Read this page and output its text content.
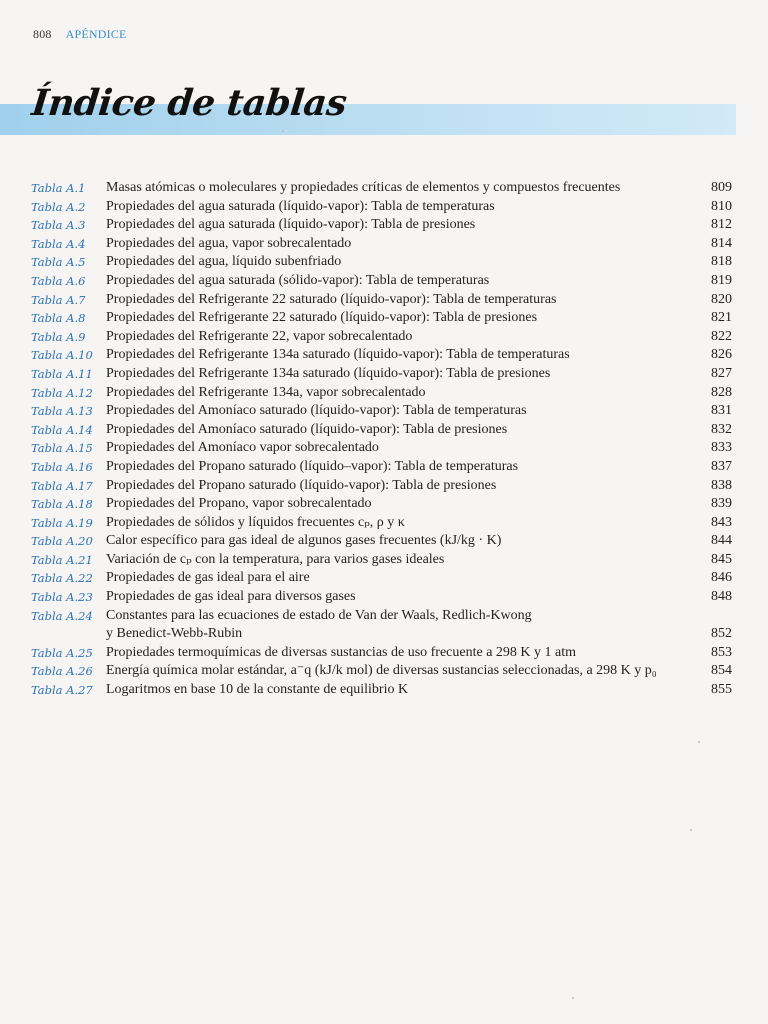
808 APÉNDICE
Índice de tablas
Tabla A.1 Masas atómicas o moleculares y propiedades críticas de elementos y compuestos frecuentes	809
Tabla A.2 Propiedades del agua saturada (líquido-vapor): Tabla de temperaturas	810
Tabla A.3 Propiedades del agua saturada (líquido-vapor): Tabla de presiones	812
Tabla A.4 Propiedades del agua, vapor sobrecalentado	814
Tabla A.5 Propiedades del agua, líquido subenfriado	818
Tabla A.6 Propiedades del agua saturada (sólido-vapor): Tabla de temperaturas	819
Tabla A.7 Propiedades del Refrigerante 22 saturado (líquido-vapor): Tabla de temperaturas	820
Tabla A.8 Propiedades del Refrigerante 22 saturado (líquido-vapor): Tabla de presiones	821
Tabla A.9 Propiedades del Refrigerante 22, vapor sobrecalentado	822
Tabla A.10 Propiedades del Refrigerante 134a saturado (líquido-vapor): Tabla de temperaturas	826
Tabla A.11 Propiedades del Refrigerante 134a saturado (líquido-vapor): Tabla de presiones	827
Tabla A.12 Propiedades del Refrigerante 134a, vapor sobrecalentado	828
Tabla A.13 Propiedades del Amoníaco saturado (líquido-vapor): Tabla de temperaturas	831
Tabla A.14 Propiedades del Amoníaco saturado (líquido-vapor): Tabla de presiones	832
Tabla A.15 Propiedades del Amoníaco vapor sobrecalentado	833
Tabla A.16 Propiedades del Propano saturado (líquido–vapor): Tabla de temperaturas	837
Tabla A.17 Propiedades del Propano saturado (líquido-vapor): Tabla de presiones	838
Tabla A.18 Propiedades del Propano, vapor sobrecalentado	839
Tabla A.19 Propiedades de sólidos y líquidos frecuentes cₚ, ρ y κ	843
Tabla A.20 Calor específico para gas ideal de algunos gases frecuentes (kJ/kg · K)	844
Tabla A.21 Variación de cₚ con la temperatura, para varios gases ideales	845
Tabla A.22 Propiedades de gas ideal para el aire	846
Tabla A.23 Propiedades de gas ideal para diversos gases	848
Tabla A.24 Constantes para las ecuaciones de estado de Van der Waals, Redlich-Kwong
y Benedict-Webb-Rubin	852
Tabla A.25 Propiedades termoquímicas de diversas sustancias de uso frecuente a 298 K y 1 atm	853
Tabla A.26 Energía química molar estándar, a⁻q (kJ/k mol) de diversas sustancias seleccionadas, a 298 K y p₀	854
Tabla A.27 Logaritmos en base 10 de la constante de equilibrio K	855
